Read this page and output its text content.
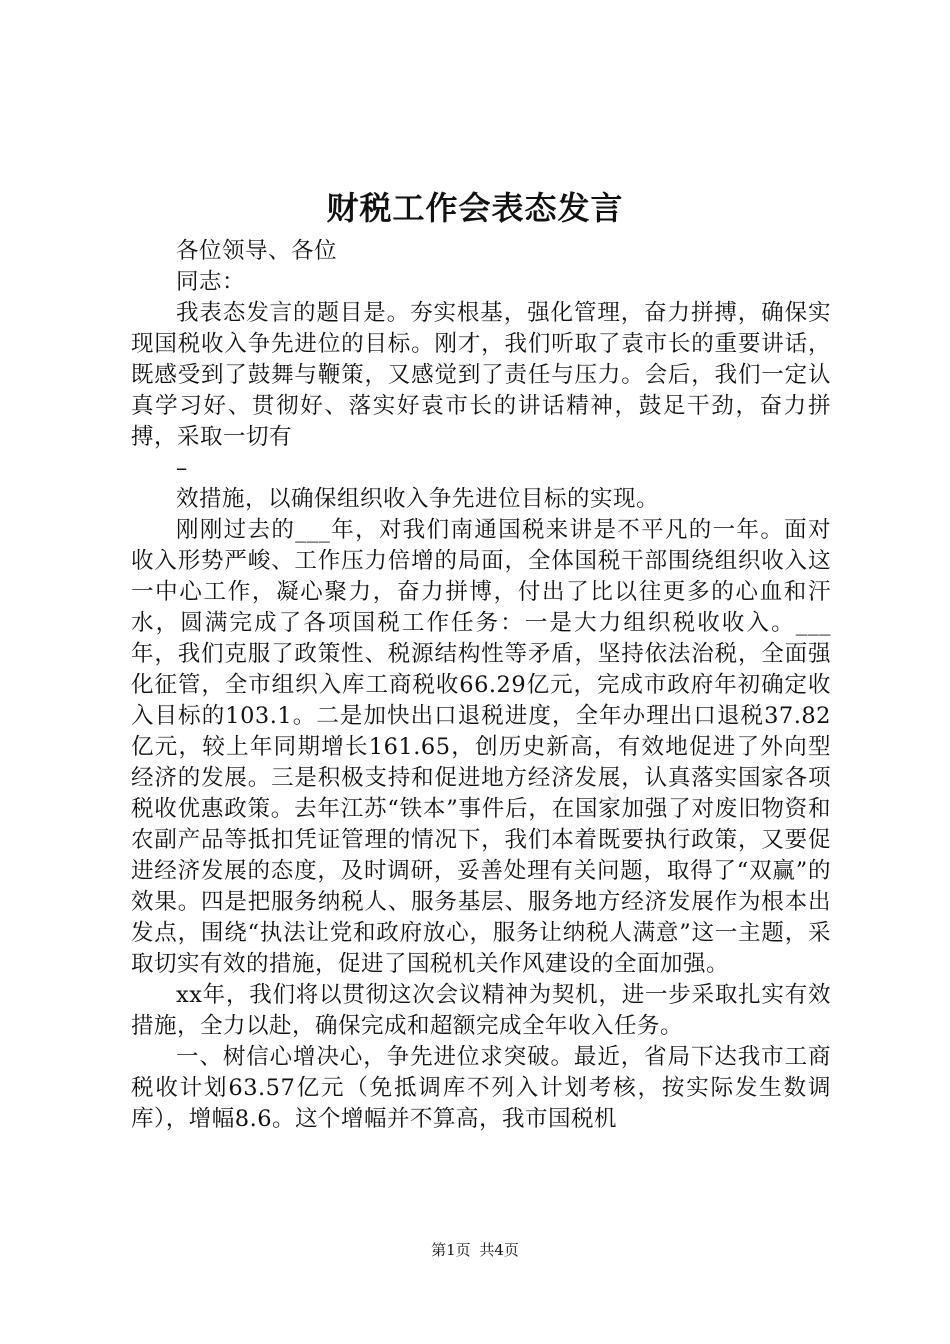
财税工作会表态发言

各位领导、各位

同志：

我表态发言的题目是。夯实根基，强化管理，奋力拼搏，确保实现国税收入争先进位的目标。刚才，我们听取了袁市长的重要讲话，既感受到了鼓舞与鞭策，又感觉到了责任与压力。会后，我们一定认真学习好、贯彻好、落实好袁市长的讲话精神，鼓足干劲，奋力拼搏，采取一切有

–

效措施，以确保组织收入争先进位目标的实现。

刚刚过去的___年，对我们南通国税来讲是不平凡的一年。面对收入形势严峻、工作压力倍增的局面，全体国税干部围绕组织收入这一中心工作，凝心聚力，奋力拼博，付出了比以往更多的心血和汗水，圆满完成了各项国税工作任务：一是大力组织税收收入。___年，我们克服了政策性、税源结构性等矛盾，坚持依法治税，全面强化征管，全市组织入库工商税收66.29亿元，完成市政府年初确定收入目标的103.1。二是加快出口退税进度，全年办理出口退税37.82亿元，较上年同期增长161.65，创历史新高，有效地促进了外向型经济的发展。三是积极支持和促进地方经济发展，认真落实国家各项税收优惠政策。去年江苏“铁本”事件后，在国家加强了对废旧物资和农副产品等抵扣凭证管理的情况下，我们本着既要执行政策，又要促进经济发展的态度，及时调研，妥善处理有关问题，取得了“双赢”的效果。四是把服务纳税人、服务基层、服务地方经济发展作为根本出发点，围绕“执法让党和政府放心，服务让纳税人满意”这一主题，采取切实有效的措施，促进了国税机关作风建设的全面加强。

xx年，我们将以贯彻这次会议精神为契机，进一步采取扎实有效措施，全力以赴，确保完成和超额完成全年收入任务。

一、树信心增决心，争先进位求突破。最近，省局下达我市工商税收计划63.57亿元（免抵调库不列入计划考核，按实际发生数调库），增幅8.6。这个增幅并不算高，我市国税机

第1页 共4页
